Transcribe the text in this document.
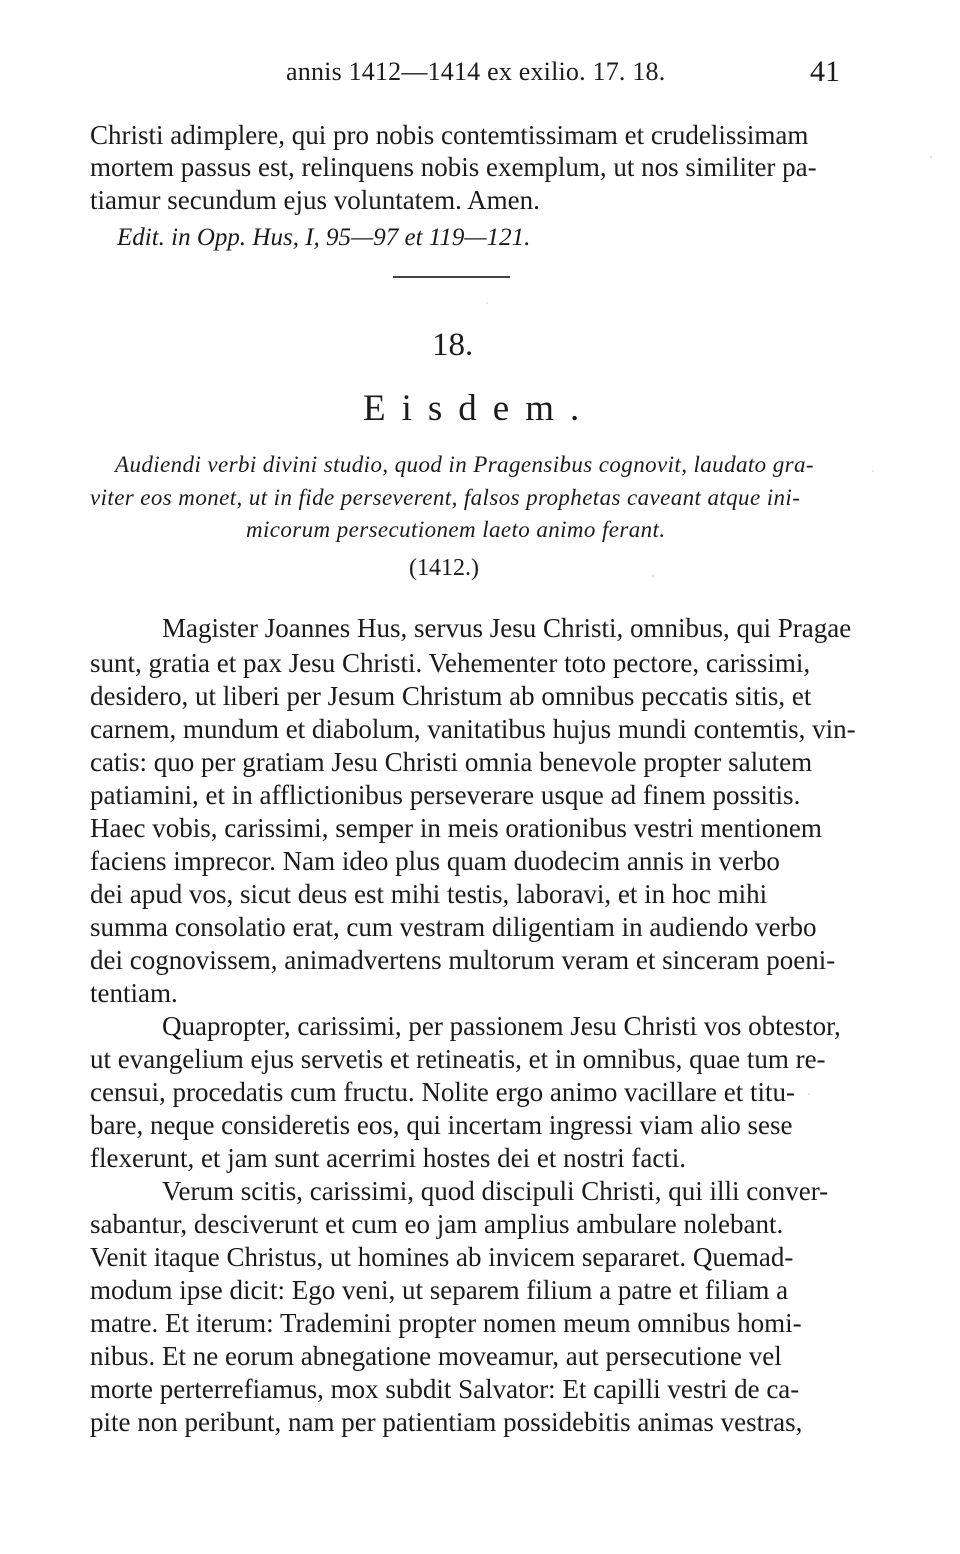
annis 1412—1414 ex exilio. 17. 18.	41
Christi adimplere, qui pro nobis contemtissimam et crudelissimam
mortem passus est, relinquens nobis exemplum, ut nos similiter pa-
tiamur secundum ejus voluntatem. Amen.
Edit. in Opp. Hus, I, 95—97 et 119—121.
18.
Eisdem.
Audiendi verbi divini studio, quod in Pragensibus cognovit, laudato gra-
viter eos monet, ut in fide perseverent, falsos prophetas caveant atque ini-
micorum persecutionem laeto animo ferant.
(1412.)
Magister Joannes Hus, servus Jesu Christi, omnibus, qui Pragae
sunt, gratia et pax Jesu Christi. Vehementer toto pectore, carissimi,
desidero, ut liberi per Jesum Christum ab omnibus peccatis sitis, et
carnem, mundum et diabolum, vanitatibus hujus mundi contemtis, vin-
catis: quo per gratiam Jesu Christi omnia benevole propter salutem
patiamini, et in afflictionibus perseverare usque ad finem possitis.
Haec vobis, carissimi, semper in meis orationibus vestri mentionem
faciens imprecor. Nam ideo plus quam duodecim annis in verbo
dei apud vos, sicut deus est mihi testis, laboravi, et in hoc mihi
summa consolatio erat, cum vestram diligentiam in audiendo verbo
dei cognovissem, animadvertens multorum veram et sinceram poeni-
tentiam.
Quapropter, carissimi, per passionem Jesu Christi vos obtestor,
ut evangelium ejus servetis et retineatis, et in omnibus, quae tum re-
censui, procedatis cum fructu. Nolite ergo animo vacillare et titu-
bare, neque consideretis eos, qui incertam ingressi viam alio sese
flexerunt, et jam sunt acerrimi hostes dei et nostri facti.
Verum scitis, carissimi, quod discipuli Christi, qui illi conver-
sabantur, desciverunt et cum eo jam amplius ambulare nolebant.
Venit itaque Christus, ut homines ab invicem separaret. Quemad-
modum ipse dicit: Ego veni, ut separem filium a patre et filiam a
matre. Et iterum: Trademini propter nomen meum omnibus homi-
nibus. Et ne eorum abnegatione moveamur, aut persecutione vel
morte perterrefiamus, mox subdit Salvator: Et capilli vestri de ca-
pite non peribunt, nam per patientiam possidebitis animas vestras,
